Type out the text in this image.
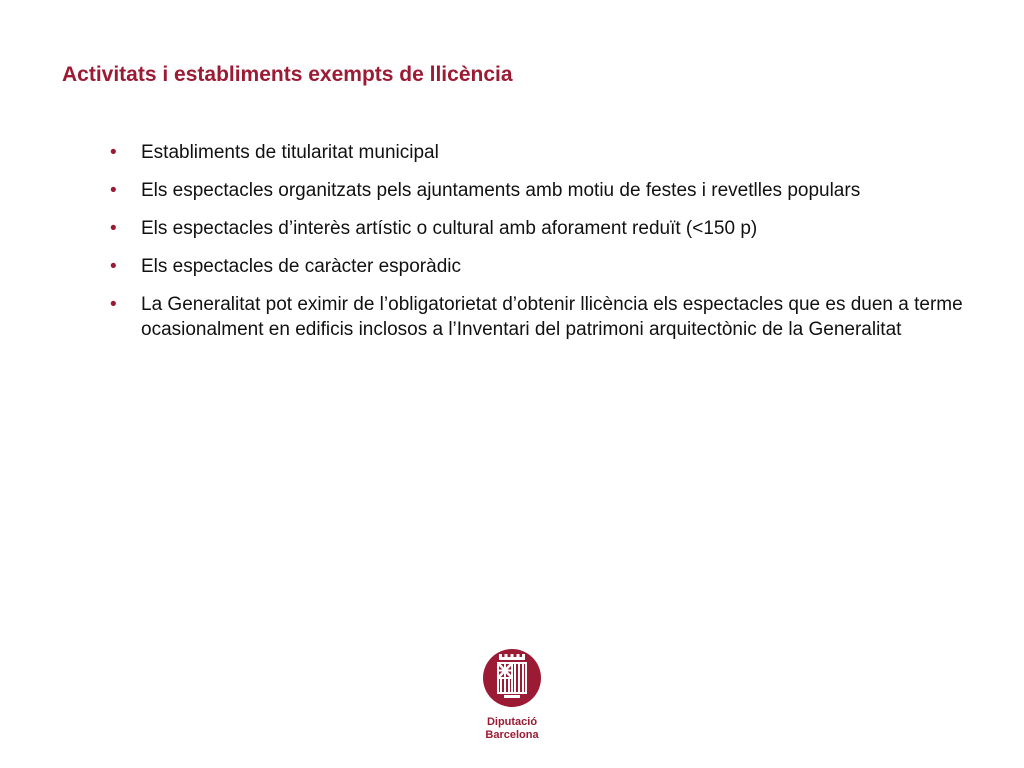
Activitats i establiments exempts de llicència
• Establiments de titularitat municipal
• Els espectacles organitzats pels ajuntaments amb motiu de festes i revetlles populars
• Els espectacles d’interès artístic o cultural amb aforament reduït (<150 p)
• Els espectacles de caràcter esporàdic
• La Generalitat pot eximir de l’obligatorietat d’obtenir llicència els espectacles que es duen a terme ocasionalment en edificis inclosos a l’Inventari del patrimoni arquitectònic de la Generalitat
Diputació
Barcelona
